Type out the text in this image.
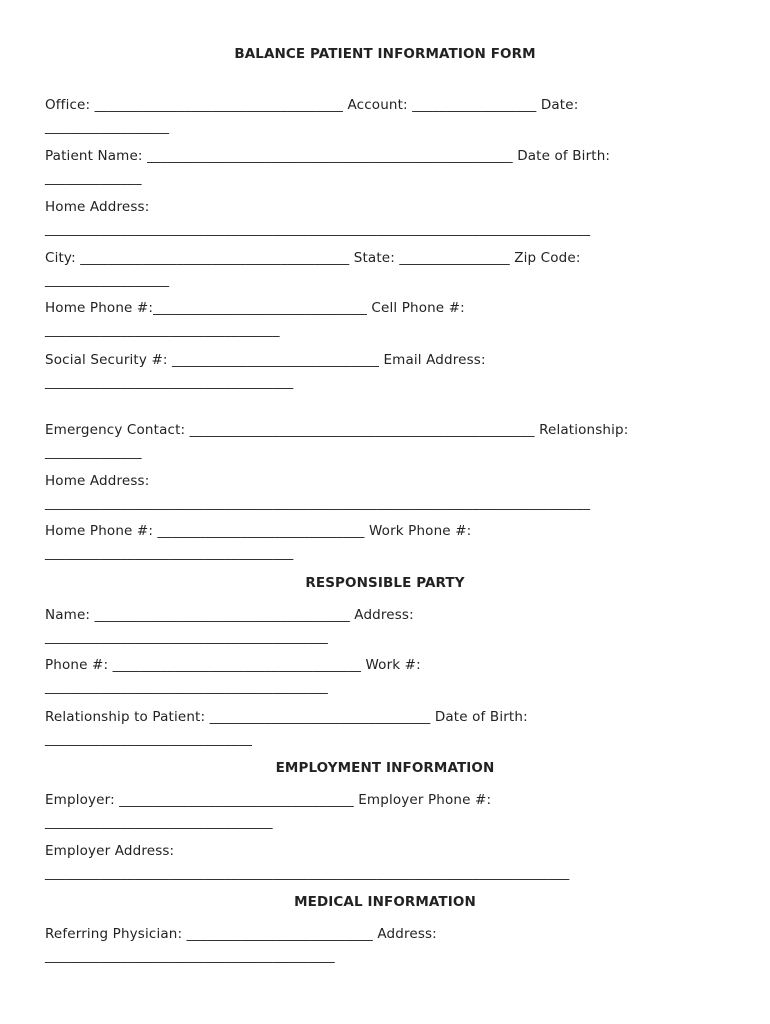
BALANCE PATIENT INFORMATION FORM
Office: ____________________________________ Account: __________________ Date:
__________________
Patient Name: _____________________________________________________ Date of Birth:
______________
Home Address:
_______________________________________________________________________________
City: _______________________________________ State: ________________ Zip Code:
__________________
Home Phone #:_______________________________ Cell Phone #:
__________________________________
Social Security #: ______________________________ Email Address:
____________________________________
Emergency Contact: __________________________________________________ Relationship:
______________
Home Address:
_______________________________________________________________________________
Home Phone #: ______________________________ Work Phone #:
____________________________________
RESPONSIBLE PARTY
Name: _____________________________________ Address:
_________________________________________
Phone #: ____________________________________ Work #:
_________________________________________
Relationship to Patient: ________________________________ Date of Birth:
______________________________
EMPLOYMENT INFORMATION
Employer: __________________________________ Employer Phone #:
_________________________________
Employer Address:
____________________________________________________________________________
MEDICAL INFORMATION
Referring Physician: ___________________________ Address:
__________________________________________
